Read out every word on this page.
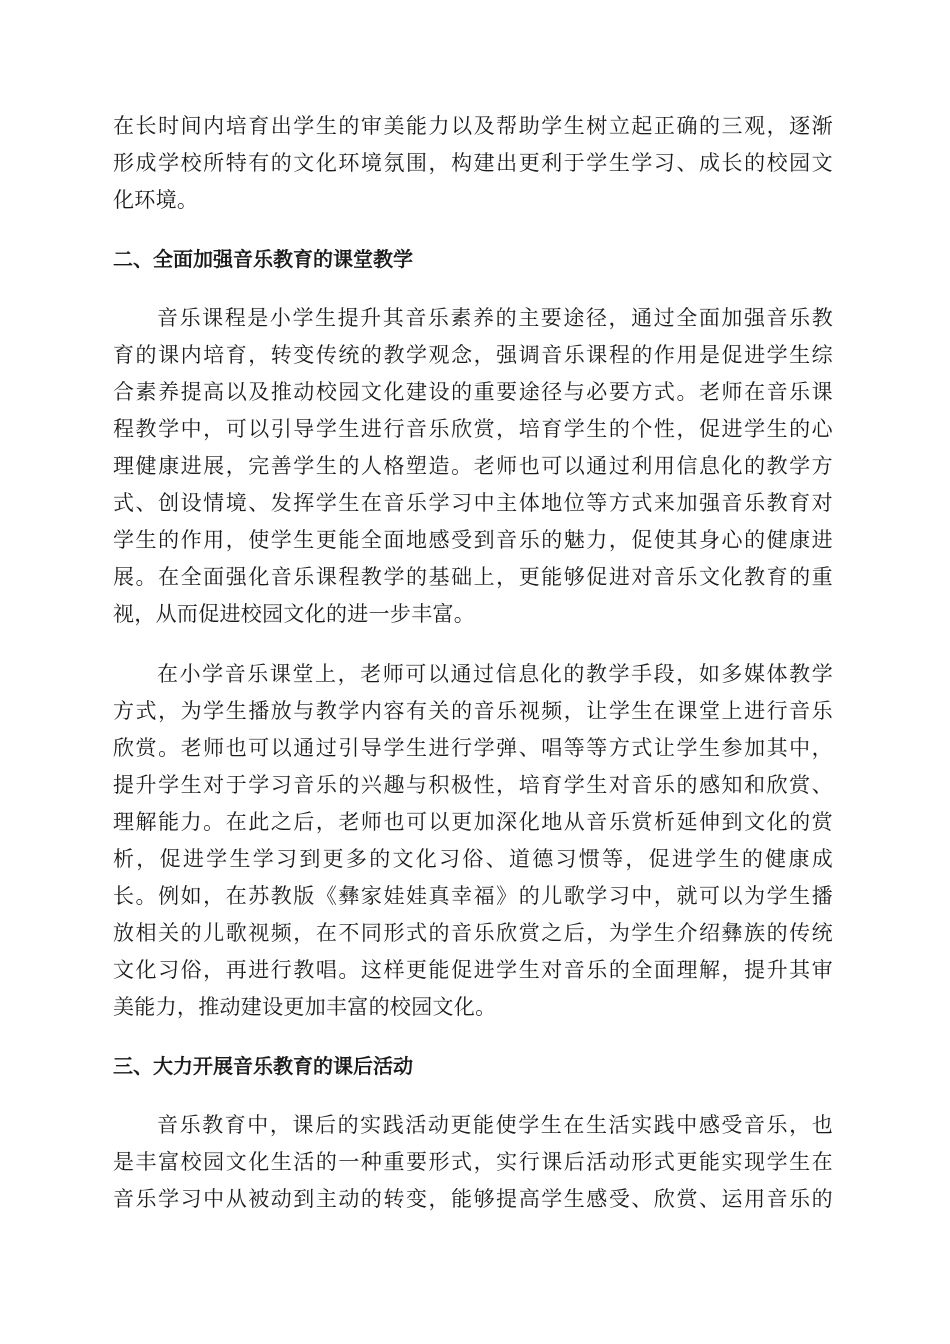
在长时间内培育出学生的审美能力以及帮助学生树立起正确的三观，逐渐
形成学校所特有的文化环境氛围，构建出更利于学生学习、成长的校园文
化环境。
二、全面加强音乐教育的课堂教学
音乐课程是小学生提升其音乐素养的主要途径，通过全面加强音乐教
育的课内培育，转变传统的教学观念，强调音乐课程的作用是促进学生综
合素养提高以及推动校园文化建设的重要途径与必要方式。老师在音乐课
程教学中，可以引导学生进行音乐欣赏，培育学生的个性，促进学生的心
理健康进展，完善学生的人格塑造。老师也可以通过利用信息化的教学方
式、创设情境、发挥学生在音乐学习中主体地位等方式来加强音乐教育对
学生的作用，使学生更能全面地感受到音乐的魅力，促使其身心的健康进
展。在全面强化音乐课程教学的基础上，更能够促进对音乐文化教育的重
视，从而促进校园文化的进一步丰富。
在小学音乐课堂上，老师可以通过信息化的教学手段，如多媒体教学
方式，为学生播放与教学内容有关的音乐视频，让学生在课堂上进行音乐
欣赏。老师也可以通过引导学生进行学弹、唱等等方式让学生参加其中，
提升学生对于学习音乐的兴趣与积极性，培育学生对音乐的感知和欣赏、
理解能力。在此之后，老师也可以更加深化地从音乐赏析延伸到文化的赏
析，促进学生学习到更多的文化习俗、道德习惯等，促进学生的健康成
长。例如，在苏教版《彝家娃娃真幸福》的儿歌学习中，就可以为学生播
放相关的儿歌视频，在不同形式的音乐欣赏之后，为学生介绍彝族的传统
文化习俗，再进行教唱。这样更能促进学生对音乐的全面理解，提升其审
美能力，推动建设更加丰富的校园文化。
三、大力开展音乐教育的课后活动
音乐教育中，课后的实践活动更能使学生在生活实践中感受音乐，也
是丰富校园文化生活的一种重要形式，实行课后活动形式更能实现学生在
音乐学习中从被动到主动的转变，能够提高学生感受、欣赏、运用音乐的
